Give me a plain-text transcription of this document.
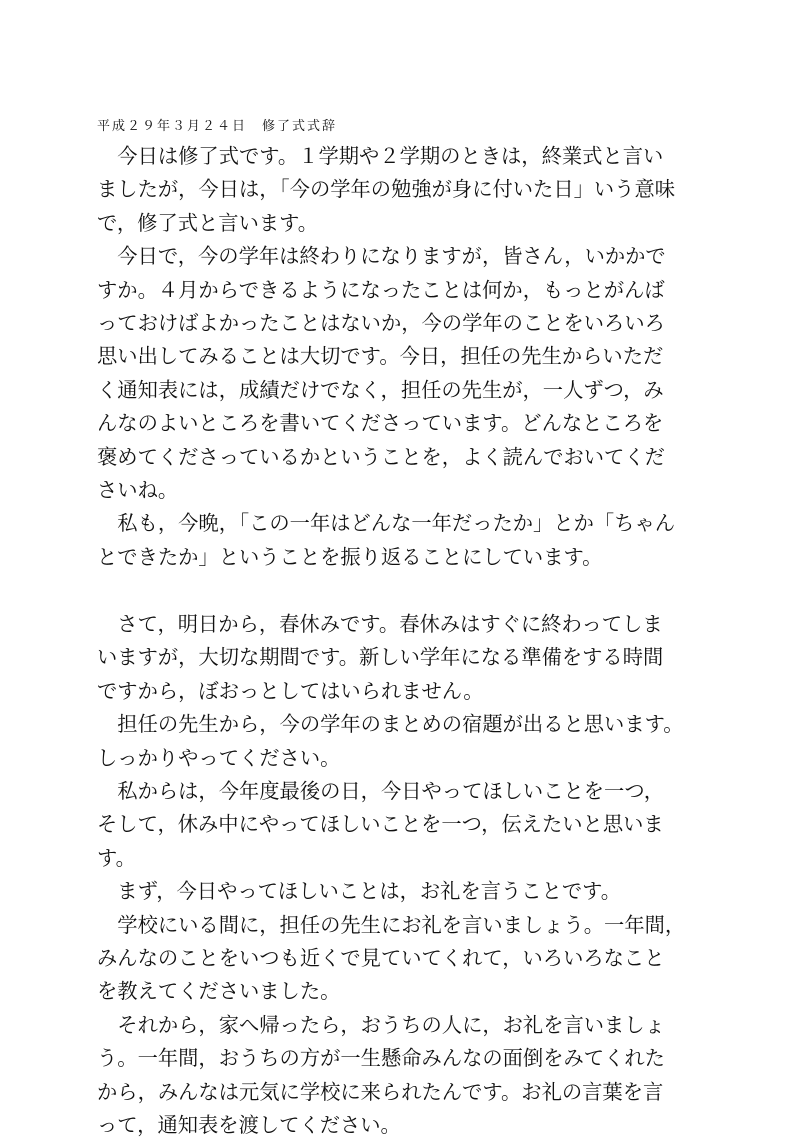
平成２９年３月２４日　修了式式辞
　今日は修了式です。１学期や２学期のときは，終業式と言い
ましたが，今日は，「今の学年の勉強が身に付いた日」いう意味
で，修了式と言います。
　今日で，今の学年は終わりになりますが，皆さん，いかかで
すか。４月からできるようになったことは何か，もっとがんば
っておけばよかったことはないか，今の学年のことをいろいろ
思い出してみることは大切です。今日，担任の先生からいただ
く通知表には，成績だけでなく，担任の先生が，一人ずつ，み
んなのよいところを書いてくださっています。どんなところを
褒めてくださっているかということを，よく読んでおいてくだ
さいね。
　私も，今晩，「この一年はどんな一年だったか」とか「ちゃん
とできたか」ということを振り返ることにしています。
　さて，明日から，春休みです。春休みはすぐに終わってしま
いますが，大切な期間です。新しい学年になる準備をする時間
ですから，ぼおっとしてはいられません。
　担任の先生から，今の学年のまとめの宿題が出ると思います。
しっかりやってください。
　私からは，今年度最後の日，今日やってほしいことを一つ，
そして，休み中にやってほしいことを一つ，伝えたいと思いま
す。
　まず，今日やってほしいことは，お礼を言うことです。
　学校にいる間に，担任の先生にお礼を言いましょう。一年間，
みんなのことをいつも近くで見ていてくれて，いろいろなこと
を教えてくださいました。
　それから，家へ帰ったら，おうちの人に，お礼を言いましょ
う。一年間，おうちの方が一生懸命みんなの面倒をみてくれた
から，みんなは元気に学校に来られたんです。お礼の言葉を言
って，通知表を渡してください。
